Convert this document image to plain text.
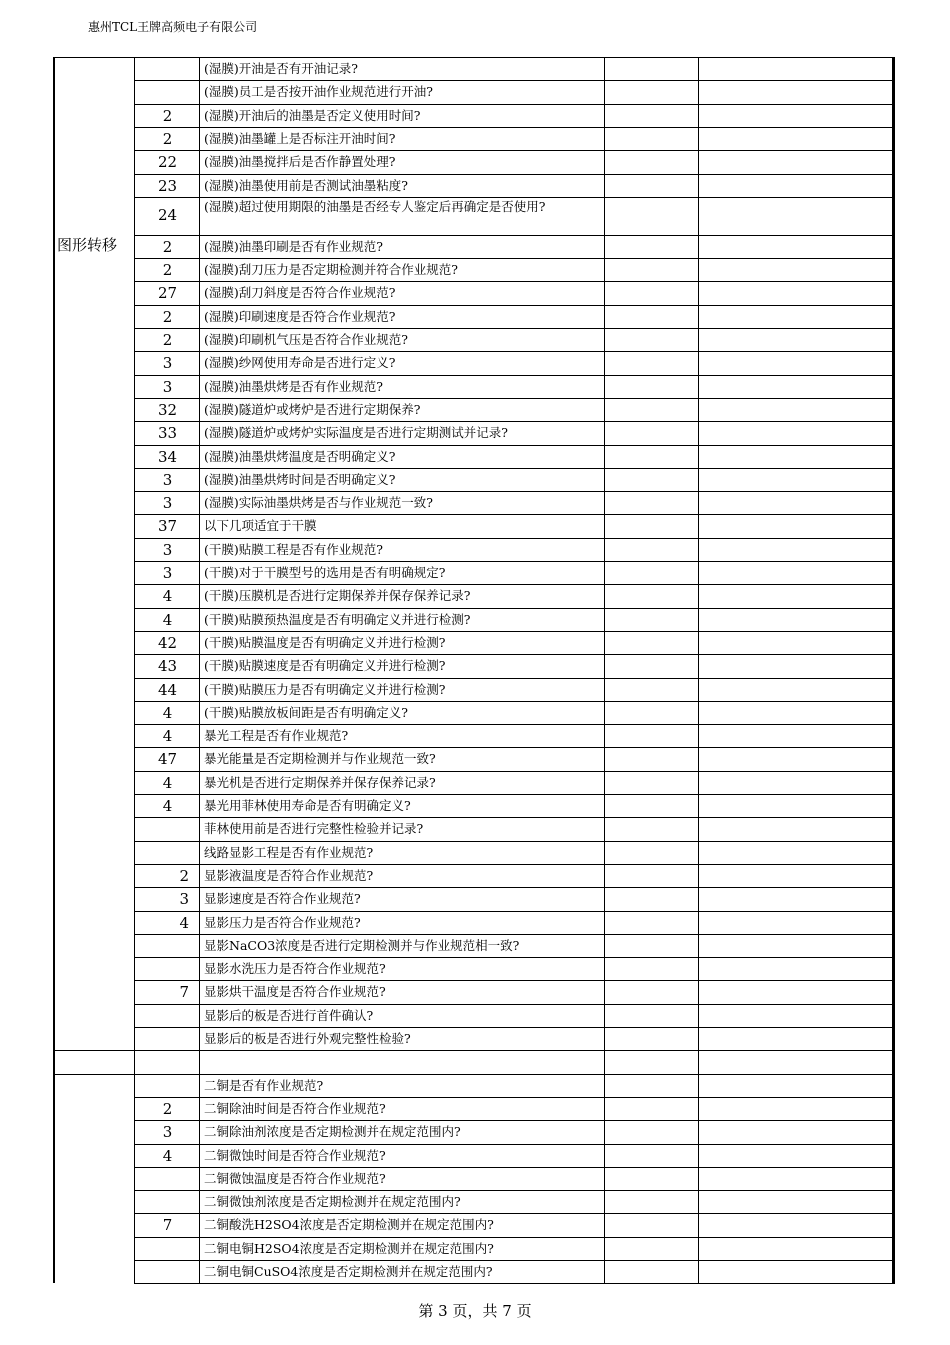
惠州TCL王牌高频电子有限公司
图形转移
(湿膜)开油是否有开油记录?
(湿膜)员工是否按开油作业规范进行开油?
2	(湿膜)开油后的油墨是否定义使用时间?
2	(湿膜)油墨罐上是否标注开油时间?
22	(湿膜)油墨搅拌后是否作静置处理?
23	(湿膜)油墨使用前是否测试油墨粘度?
24	(湿膜)超过使用期限的油墨是否经专人鉴定后再确定是否使用?
2	(湿膜)油墨印刷是否有作业规范?
2	(湿膜)刮刀压力是否定期检测并符合作业规范?
27	(湿膜)刮刀斜度是否符合作业规范?
2	(湿膜)印刷速度是否符合作业规范?
2	(湿膜)印刷机气压是否符合作业规范?
3	(湿膜)纱网使用寿命是否进行定义?
3	(湿膜)油墨烘烤是否有作业规范?
32	(湿膜)隧道炉或烤炉是否进行定期保养?
33	(湿膜)隧道炉或烤炉实际温度是否进行定期测试并记录?
34	(湿膜)油墨烘烤温度是否明确定义?
3	(湿膜)油墨烘烤时间是否明确定义?
3	(湿膜)实际油墨烘烤是否与作业规范一致?
37	以下几项适宜于干膜
3	(干膜)贴膜工程是否有作业规范?
3	(干膜)对于干膜型号的选用是否有明确规定?
4	(干膜)压膜机是否进行定期保养并保存保养记录?
4	(干膜)贴膜预热温度是否有明确定义并进行检测?
42	(干膜)贴膜温度是否有明确定义并进行检测?
43	(干膜)贴膜速度是否有明确定义并进行检测?
44	(干膜)贴膜压力是否有明确定义并进行检测?
4	(干膜)贴膜放板间距是否有明确定义?
4	暴光工程是否有作业规范?
47	暴光能量是否定期检测并与作业规范一致?
4	暴光机是否进行定期保养并保存保养记录?
4	暴光用菲林使用寿命是否有明确定义?
菲林使用前是否进行完整性检验并记录?
线路显影工程是否有作业规范?
2 显影液温度是否符合作业规范?
3 显影速度是否符合作业规范?
4 显影压力是否符合作业规范?
显影NaCO3浓度是否进行定期检测并与作业规范相一致?
显影水洗压力是否符合作业规范?
7 显影烘干温度是否符合作业规范?
显影后的板是否进行首件确认?
显影后的板是否进行外观完整性检验?
二铜是否有作业规范?
2	二铜除油时间是否符合作业规范?
3	二铜除油剂浓度是否定期检测并在规定范围内?
4	二铜微蚀时间是否符合作业规范?
二铜微蚀温度是否符合作业规范?
二铜微蚀剂浓度是否定期检测并在规定范围内?
7	二铜酸洗H2SO4浓度是否定期检测并在规定范围内?
二铜电铜H2SO4浓度是否定期检测并在规定范围内?
二铜电铜CuSO4浓度是否定期检测并在规定范围内?
第 3 页，共 7 页
